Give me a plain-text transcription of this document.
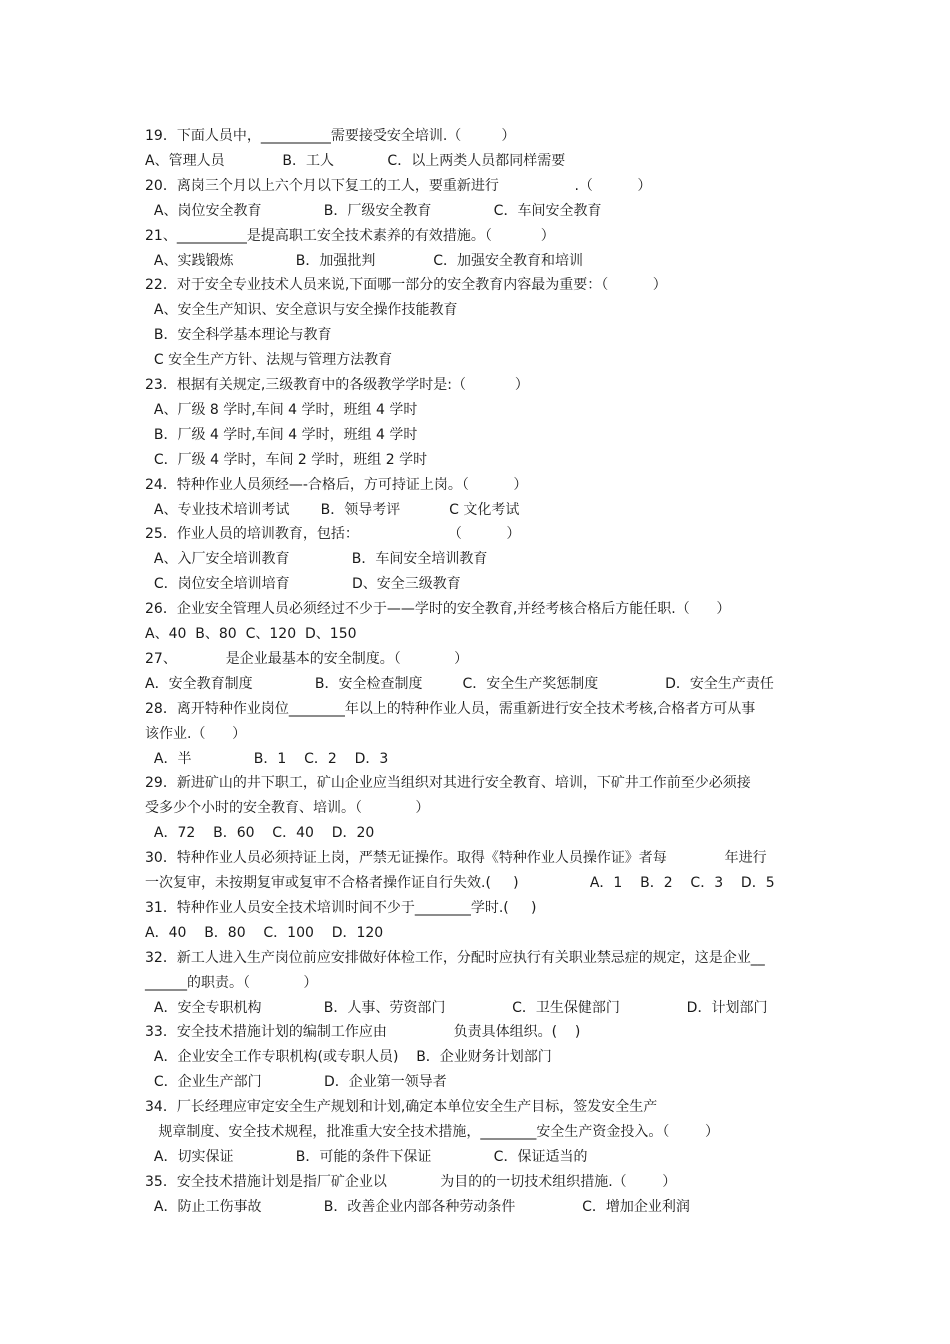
19．下面人员中，__________需要接受安全培训.（         ）
A、管理人员             B．工人            C．以上两类人员都同样需要
20．离岗三个月以上六个月以下复工的工人，要重新进行                 .（          ）
A、岗位安全教育              B．厂级安全教育              C．车间安全教育
21、__________是提高职工安全技术素养的有效措施。（           ）
A、实践锻炼              B．加强批判             C．加强安全教育和培训
22．对于安全专业技术人员来说,下面哪一部分的安全教育内容最为重要：（          ）
A、安全生产知识、安全意识与安全操作技能教育
B．安全科学基本理论与教育
C 安全生产方针、法规与管理方法教育
23．根据有关规定,三级教育中的各级教学学时是:（           ）
A、厂级 8 学时,车间 4 学时，班组 4 学时
B．厂级 4 学时,车间 4 学时，班组 4 学时
C．厂级 4 学时，车间 2 学时，班组 2 学时
24．特种作业人员须经—-合格后，方可持证上岗。（          ）
A、专业技术培训考试       B．领导考评           C 文化考试
25．作业人员的培训教育，包括：                    （          ）
A、入厂安全培训教育              B．车间安全培训教育
C．岗位安全培训培育              D、安全三级教育
26．企业安全管理人员必须经过不少于——学时的安全教育,并经考核合格后方能任职.（      ）
A、40  B、80  C、120  D、150
27、           是企业最基本的安全制度。（            ）
A．安全教育制度              B．安全检查制度         C．安全生产奖惩制度               D．安全生产责任
28．离开特种作业岗位________年以上的特种作业人员，需重新进行安全技术考核,合格者方可从事
该作业.（      ）
A．半              B．1    C．2    D．3
29．新进矿山的井下职工，矿山企业应当组织对其进行安全教育、培训，下矿井工作前至少必须接
受多少个小时的安全教育、培训。（            ）
A．72    B．60    C．40    D．20
30．特种作业人员必须持证上岗，严禁无证操作。取得《特种作业人员操作证》者每             年进行
一次复审，未按期复审或复审不合格者操作证自行失效.(     )                A．1    B．2    C．3    D．5
31．特种作业人员安全技术培训时间不少于________学时.(     )
A．40    B．80    C．100    D．120
32．新工人进入生产岗位前应安排做好体检工作，分配时应执行有关职业禁忌症的规定，这是企业__
______的职责。（            ）
A．安全专职机构              B．人事、劳资部门               C．卫生保健部门               D．计划部门
33．安全技术措施计划的编制工作应由               负责具体组织。(    )
A．企业安全工作专职机构(或专职人员)    B．企业财务计划部门
C．企业生产部门              D．企业第一领导者
34．厂长经理应审定安全生产规划和计划,确定本单位安全生产目标，签发安全生产
规章制度、安全技术规程，批准重大安全技术措施，________安全生产资金投入。（        ）
A．切实保证              B．可能的条件下保证              C．保证适当的
35．安全技术措施计划是指厂矿企业以            为目的的一切技术组织措施.（        ）
A．防止工伤事故              B．改善企业内部各种劳动条件               C．增加企业利润
